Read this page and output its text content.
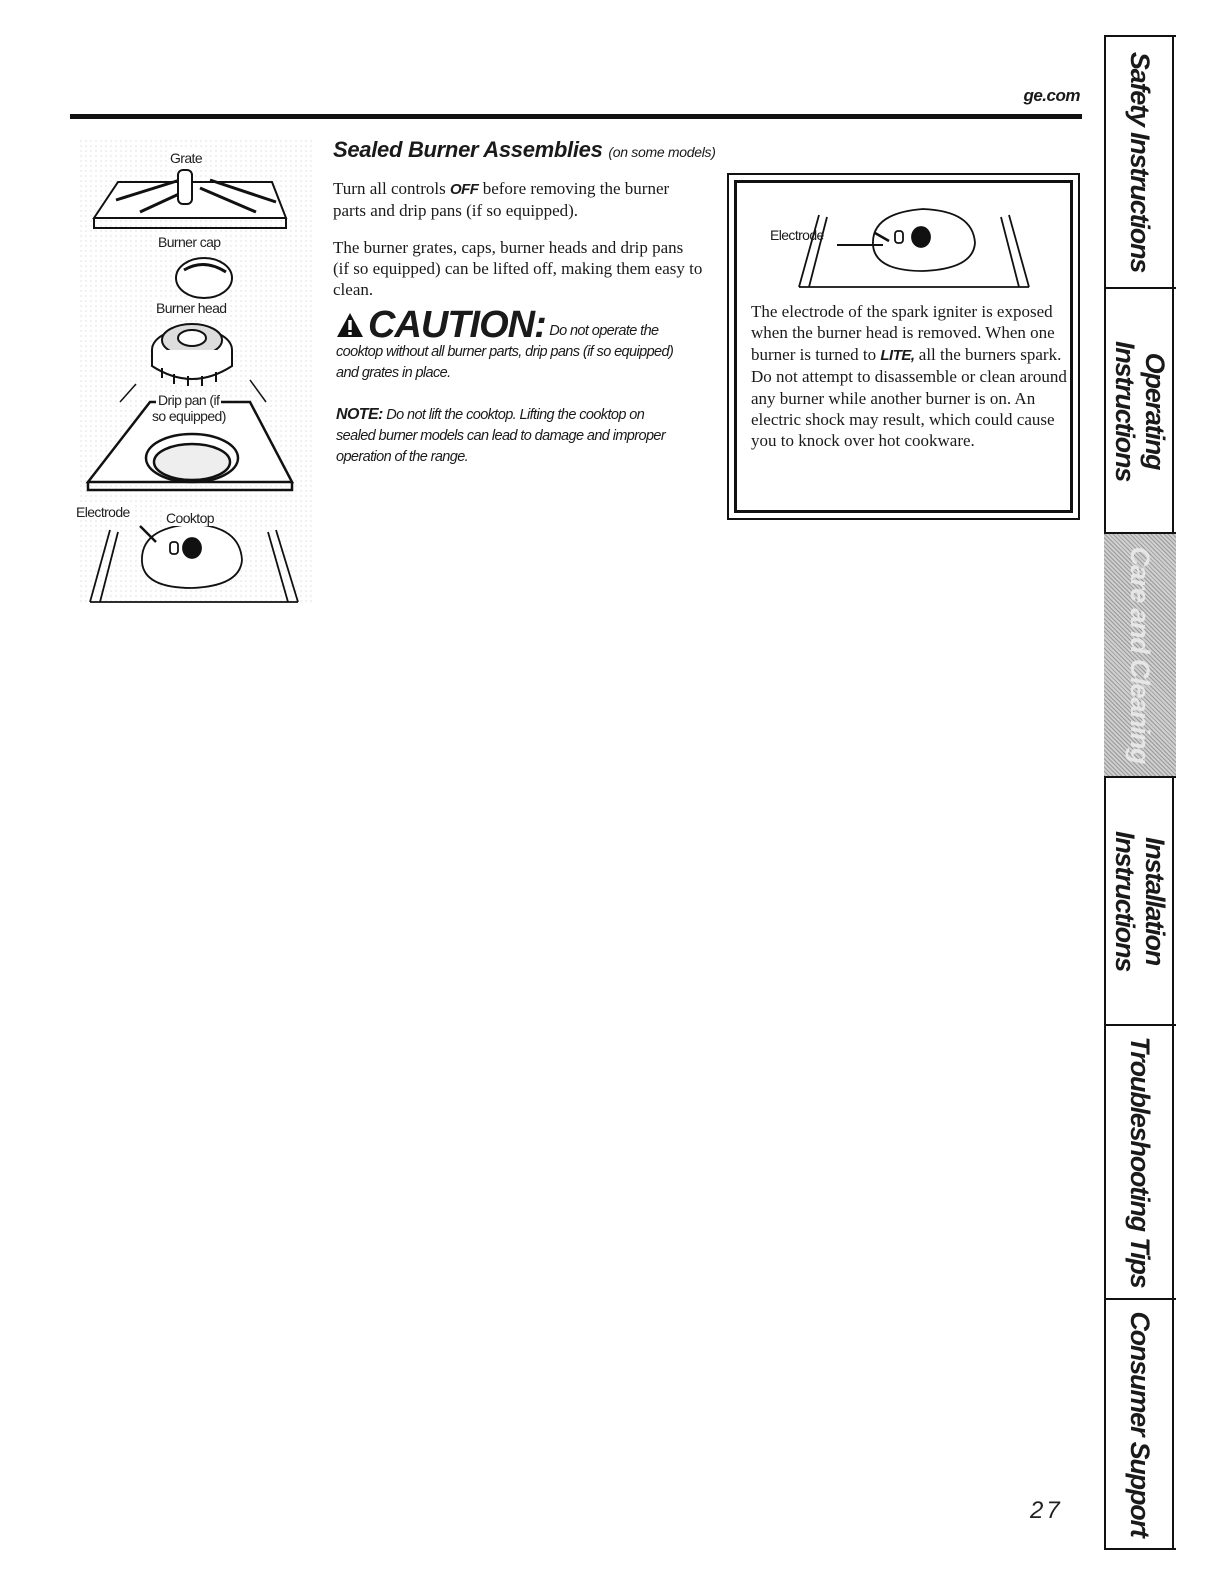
ge.com
Grate
Burner cap
Burner head
Drip pan (if
so equipped)
Electrode	Cooktop
Sealed Burner Assemblies (on some models)

Turn all controls OFF before removing the burner parts and drip pans (if so equipped).

The burner grates, caps, burner heads and drip pans (if so equipped) can be lifted off, making them easy to clean.

CAUTION: Do not operate the cooktop without all burner parts, drip pans (if so equipped) and grates in place.
NOTE: Do not lift the cooktop. Lifting the cooktop on sealed burner models can lead to damage and improper operation of the range.
Electrode

The electrode of the spark igniter is exposed when the burner head is removed. When one burner is turned to LITE, all the burners spark. Do not attempt to disassemble or clean around any burner while another burner is on. An electric shock may result, which could cause you to knock over hot cookware.

Safety Instructions
Operating
Instructions
Care and Cleaning
Installation
Instructions
Troubleshooting Tips
Consumer Support
27
